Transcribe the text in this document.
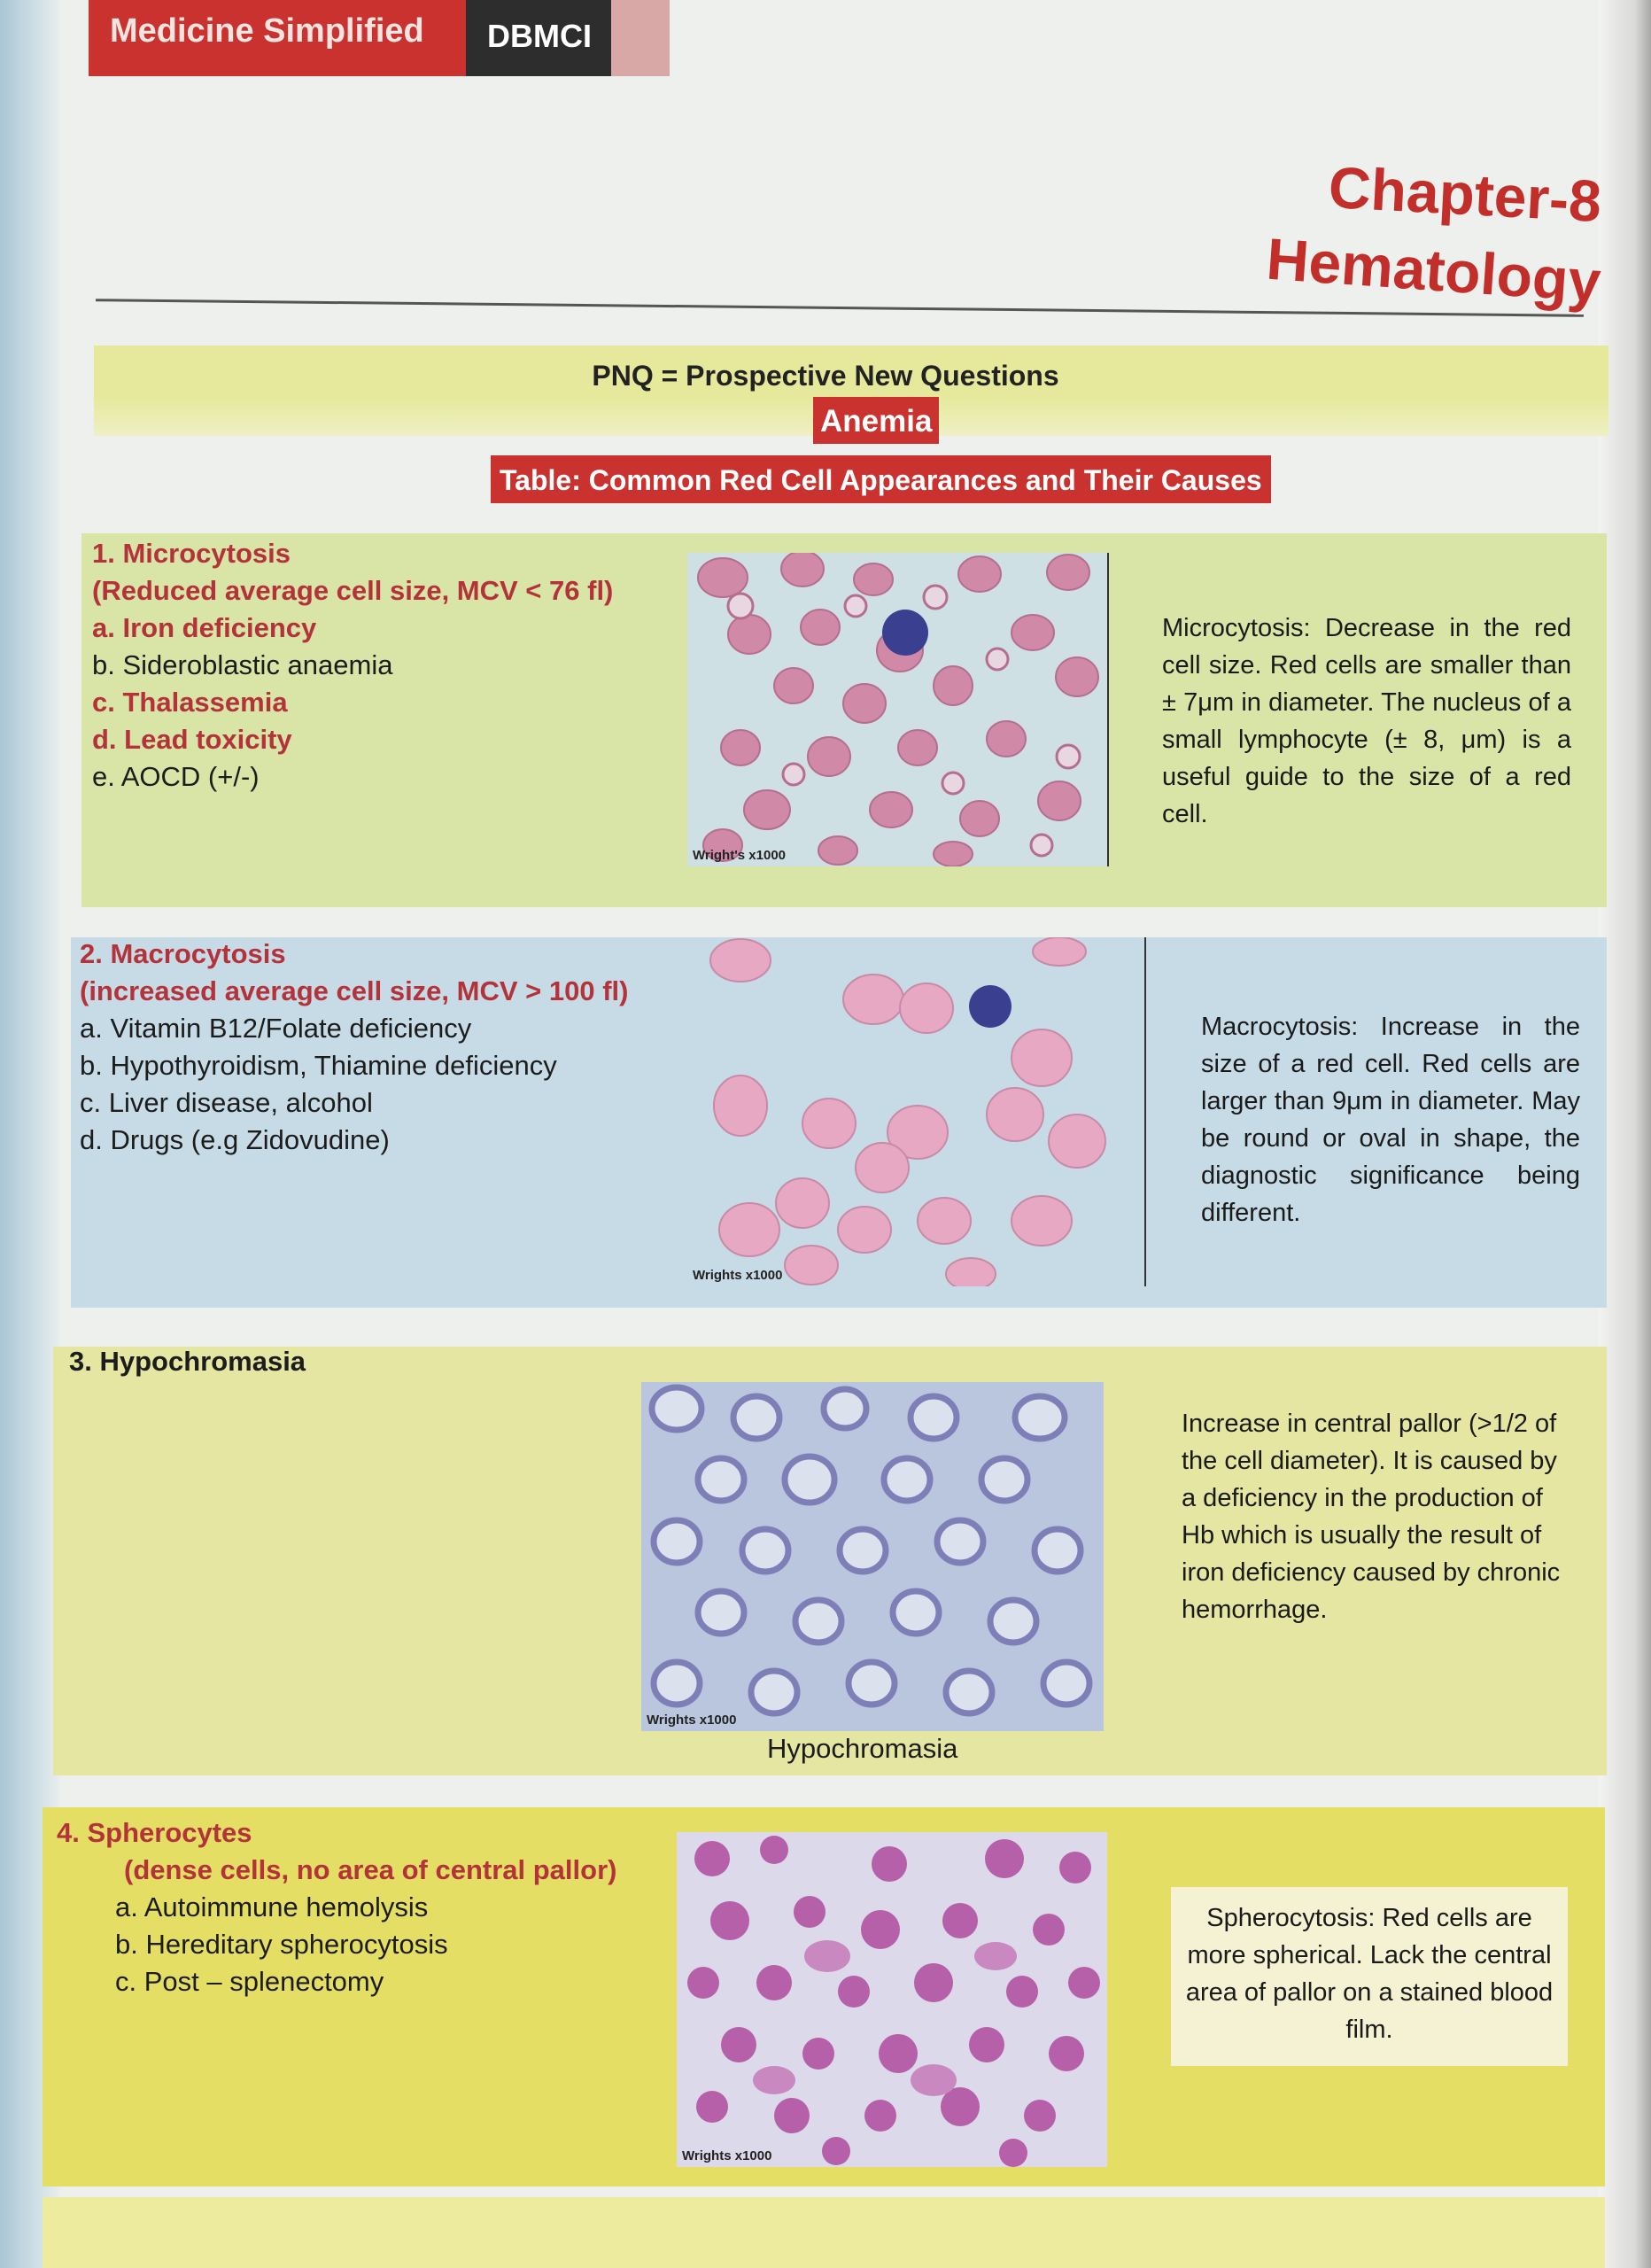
Medicine Simplified	DBMCI
Chapter-8
Hematology
PNQ = Prospective New Questions
Anemia
Table: Common Red Cell Appearances and Their Causes
1. Microcytosis
(Reduced average cell size, MCV < 76 fl)
a. Iron deficiency
b. Sideroblastic anaemia
c. Thalassemia
d. Lead toxicity
e. AOCD (+/-)
Wright's x1000
Microcytosis: Decrease in the red cell size. Red cells are smaller than ± 7μm in diameter. The nucleus of a small lymphocyte (± 8, μm) is a useful guide to the size of a red cell.
2. Macrocytosis
(increased average cell size, MCV > 100 fl)
a. Vitamin B12/Folate deficiency
b. Hypothyroidism, Thiamine deficiency
c. Liver disease, alcohol
d. Drugs (e.g Zidovudine)
Wrights x1000
Macrocytosis: Increase in the size of a red cell. Red cells are larger than 9μm in diameter. May be round or oval in shape, the diagnostic significance being different.
3. Hypochromasia
Wrights x1000
Hypochromasia
Increase in central pallor (>1/2 of the cell diameter). It is caused by a deficiency in the production of Hb which is usually the result of iron deficiency caused by chronic hemorrhage.
4. Spherocytes
(dense cells, no area of central pallor)
a. Autoimmune hemolysis
b. Hereditary spherocytosis
c. Post – splenectomy
Wrights x1000
Spherocytosis: Red cells are more spherical. Lack the central area of pallor on a stained blood film.
